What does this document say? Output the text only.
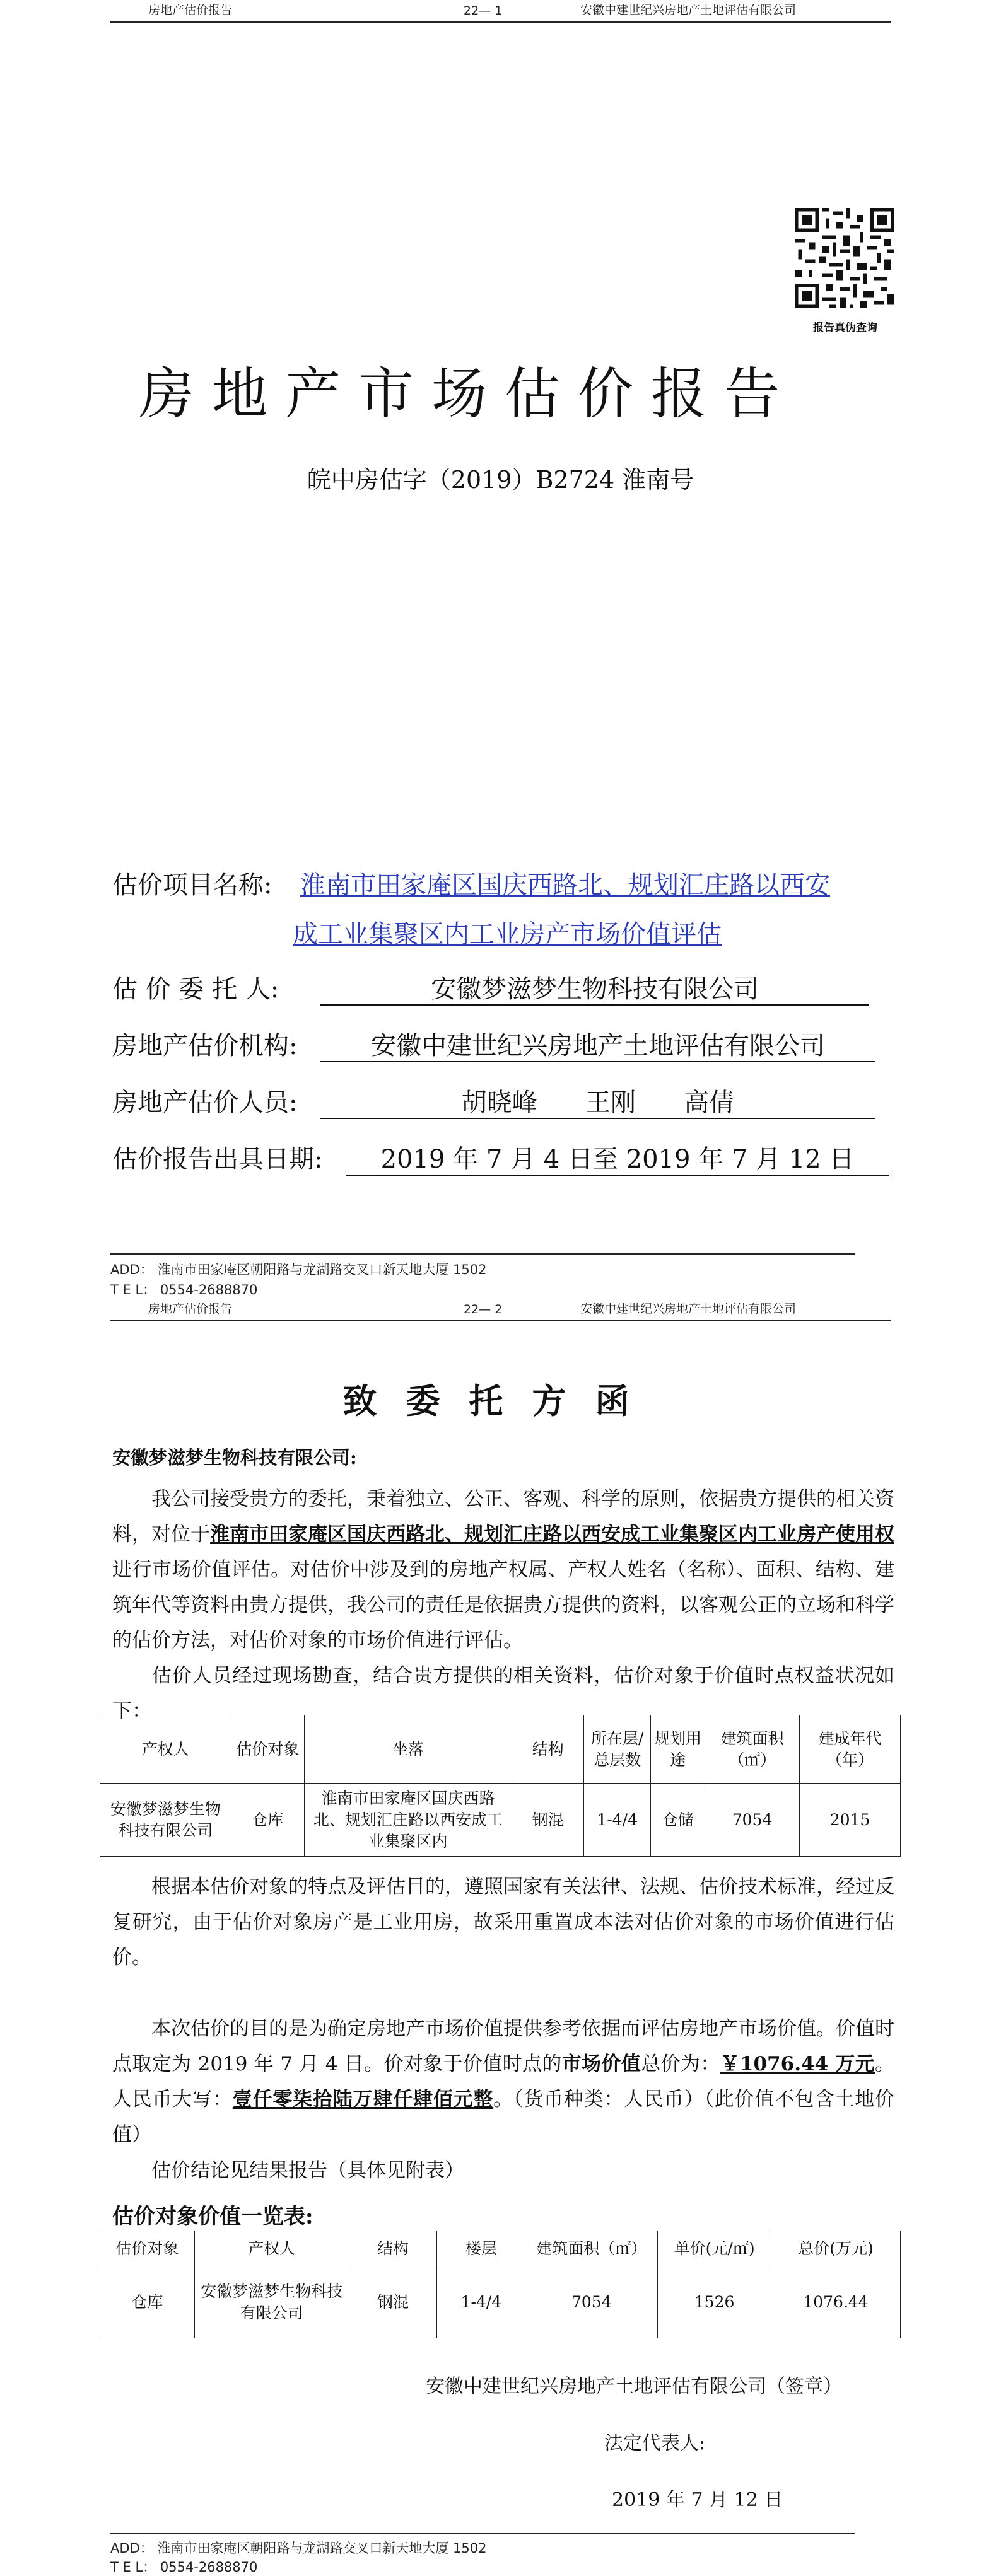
房地产估价报告	22— 1	安徽中建世纪兴房地产土地评估有限公司
报告真伪查询
房地产市场估价报告
皖中房估字（2019）B2724 淮南号
估价项目名称: 淮南市田家庵区国庆西路北、规划汇庄路以西安
成工业集聚区内工业房产市场价值评估
估 价 委 托 人:	安徽梦滋梦生物科技有限公司
房地产估价机构:	安徽中建世纪兴房地产土地评估有限公司
房地产估价人员:	胡晓峰      王刚      高倩
估价报告出具日期:	2019 年 7 月 4 日至 2019 年 7 月 12 日
ADD： 淮南市田家庵区朝阳路与龙湖路交叉口新天地大厦 1502
T E L： 0554-2688870
房地产估价报告	22— 2	安徽中建世纪兴房地产土地评估有限公司
致委托方函
安徽梦滋梦生物科技有限公司:
我公司接受贵方的委托，秉着独立、公正、客观、科学的原则，依据贵方提供的相关资料，对位于淮南市田家庵区国庆西路北、规划汇庄路以西安成工业集聚区内工业房产使用权进行市场价值评估。对估价中涉及到的房地产权属、产权人姓名（名称）、面积、结构、建筑年代等资料由贵方提供，我公司的责任是依据贵方提供的资料，以客观公正的立场和科学的估价方法，对估价对象的市场价值进行评估。
估价人员经过现场勘查，结合贵方提供的相关资料，估价对象于价值时点权益状况如下：
产权人	估价对象	坐落	结构	所在层/总层数	规划用途	建筑面积（㎡）	建成年代（年）
安徽梦滋梦生物科技有限公司	仓库	淮南市田家庵区国庆西路北、规划汇庄路以西安成工业集聚区内	钢混	1-4/4	仓储	7054	2015
根据本估价对象的特点及评估目的，遵照国家有关法律、法规、估价技术标准，经过反复研究，由于估价对象房产是工业用房，故采用重置成本法对估价对象的市场价值进行估价。
本次估价的目的是为确定房地产市场价值提供参考依据而评估房地产市场价值。价值时点取定为 2019 年 7 月 4 日。价对象于价值时点的市场价值总价为：￥1076.44 万元。人民币大写：壹仟零柒拾陆万肆仟肆佰元整。（货币种类：人民币）（此价值不包含土地价值）
估价结论见结果报告（具体见附表）
估价对象价值一览表:
估价对象	产权人	结构	楼层	建筑面积（㎡）	单价(元/㎡)	总价(万元)
仓库	安徽梦滋梦生物科技有限公司	钢混	1-4/4	7054	1526	1076.44
安徽中建世纪兴房地产土地评估有限公司（签章）
法定代表人:
2019 年 7 月 12 日
ADD： 淮南市田家庵区朝阳路与龙湖路交叉口新天地大厦 1502
T E L： 0554-2688870
